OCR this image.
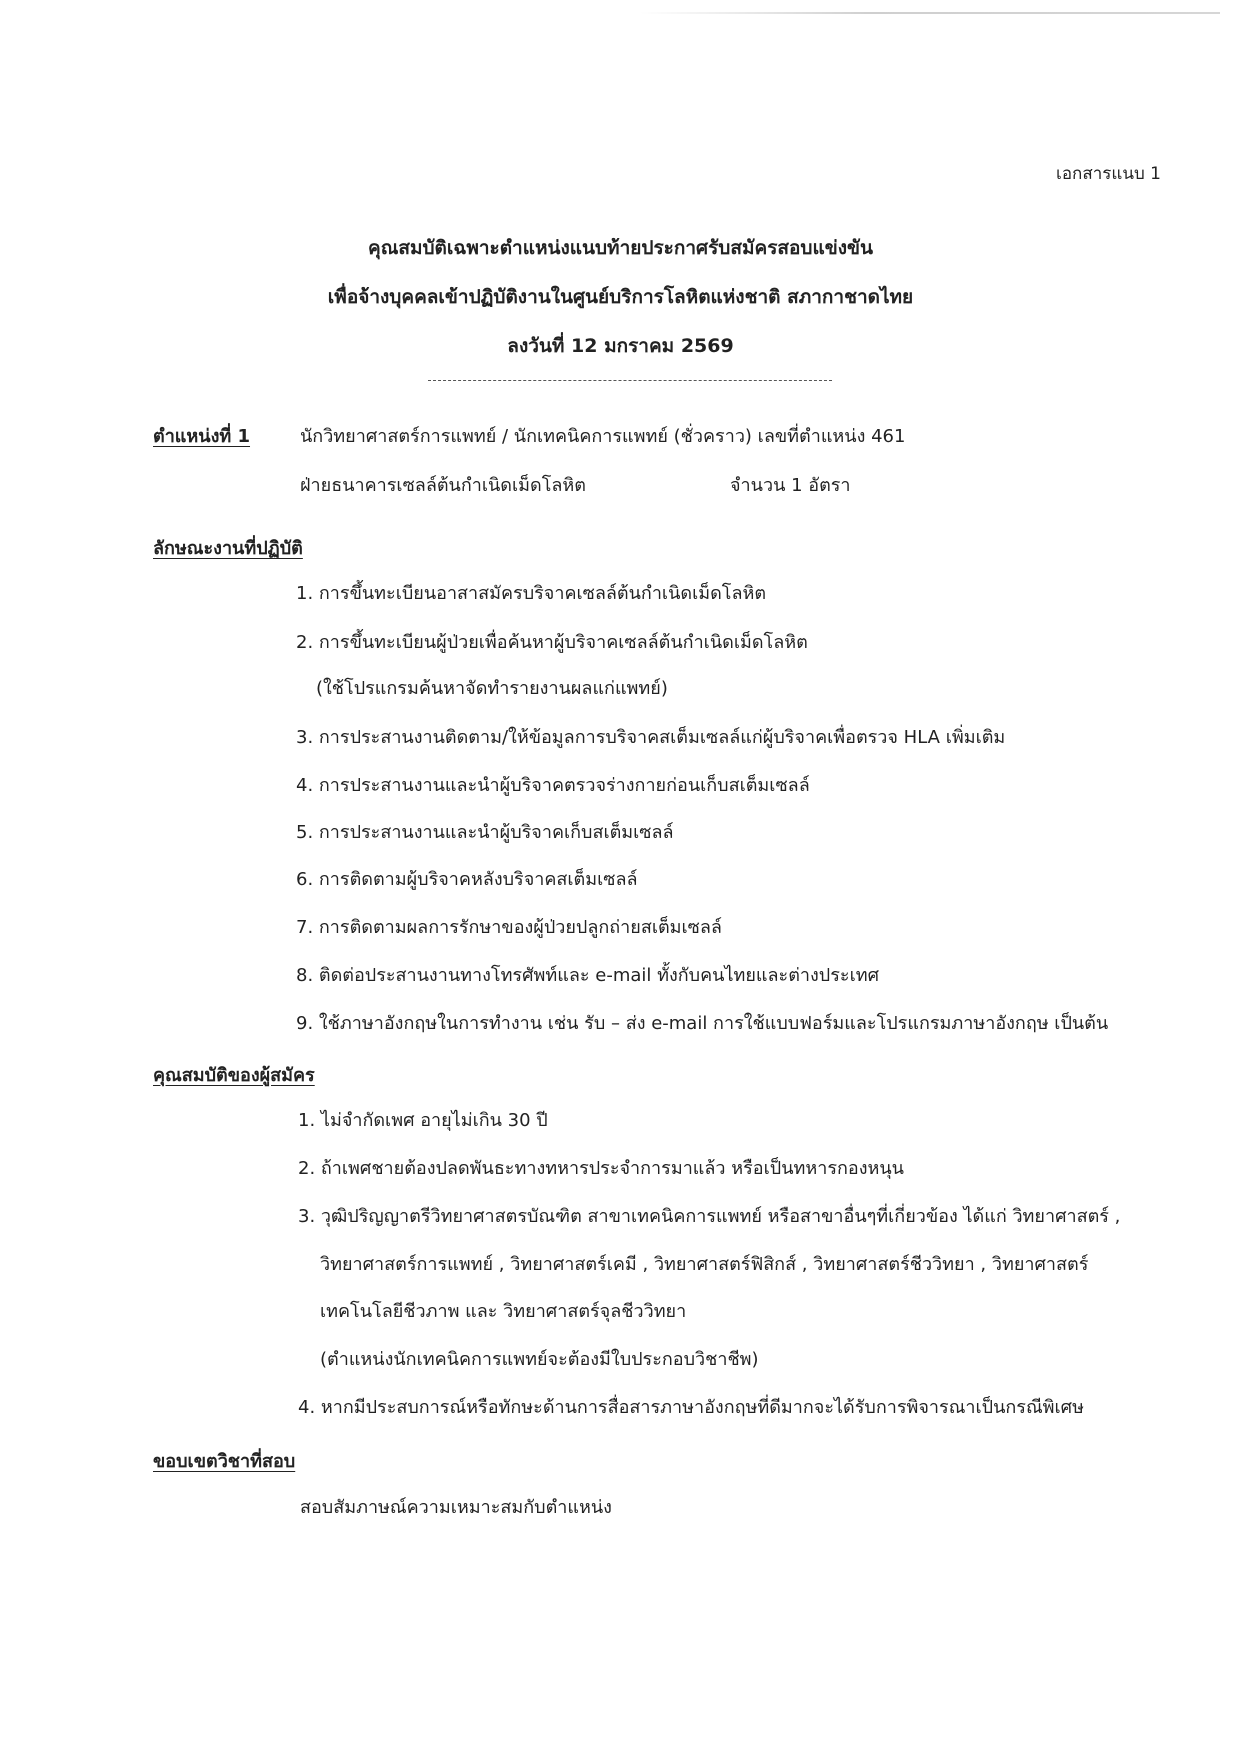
เอกสารแนบ 1
คุณสมบัติเฉพาะตำแหน่งแนบท้ายประกาศรับสมัครสอบแข่งขัน
เพื่อจ้างบุคคลเข้าปฏิบัติงานในศูนย์บริการโลหิตแห่งชาติ สภากาชาดไทย
ลงวันที่ 12 มกราคม 2569
ตำแหน่งที่ 1	นักวิทยาศาสตร์การแพทย์ / นักเทคนิคการแพทย์ (ชั่วคราว) เลขที่ตำแหน่ง 461
ฝ่ายธนาคารเซลล์ต้นกำเนิดเม็ดโลหิต	จำนวน 1 อัตรา
ลักษณะงานที่ปฏิบัติ
1. การขึ้นทะเบียนอาสาสมัครบริจาคเซลล์ต้นกำเนิดเม็ดโลหิต
2. การขึ้นทะเบียนผู้ป่วยเพื่อค้นหาผู้บริจาคเซลล์ต้นกำเนิดเม็ดโลหิต
(ใช้โปรแกรมค้นหาจัดทำรายงานผลแก่แพทย์)
3. การประสานงานติดตาม/ให้ข้อมูลการบริจาคสเต็มเซลล์แก่ผู้บริจาคเพื่อตรวจ HLA เพิ่มเติม
4. การประสานงานและนำผู้บริจาคตรวจร่างกายก่อนเก็บสเต็มเซลล์
5. การประสานงานและนำผู้บริจาคเก็บสเต็มเซลล์
6. การติดตามผู้บริจาคหลังบริจาคสเต็มเซลล์
7. การติดตามผลการรักษาของผู้ป่วยปลูกถ่ายสเต็มเซลล์
8. ติดต่อประสานงานทางโทรศัพท์และ e-mail ทั้งกับคนไทยและต่างประเทศ
9. ใช้ภาษาอังกฤษในการทำงาน เช่น รับ – ส่ง e-mail การใช้แบบฟอร์มและโปรแกรมภาษาอังกฤษ เป็นต้น
คุณสมบัติของผู้สมัคร
1. ไม่จำกัดเพศ อายุไม่เกิน 30 ปี
2. ถ้าเพศชายต้องปลดพันธะทางทหารประจำการมาแล้ว หรือเป็นทหารกองหนุน
3. วุฒิปริญญาตรีวิทยาศาสตรบัณฑิต สาขาเทคนิคการแพทย์ หรือสาขาอื่นๆที่เกี่ยวข้อง ได้แก่ วิทยาศาสตร์ ,
วิทยาศาสตร์การแพทย์ , วิทยาศาสตร์เคมี , วิทยาศาสตร์ฟิสิกส์ , วิทยาศาสตร์ชีววิทยา , วิทยาศาสตร์
เทคโนโลยีชีวภาพ และ วิทยาศาสตร์จุลชีววิทยา
(ตำแหน่งนักเทคนิคการแพทย์จะต้องมีใบประกอบวิชาชีพ)
4. หากมีประสบการณ์หรือทักษะด้านการสื่อสารภาษาอังกฤษที่ดีมากจะได้รับการพิจารณาเป็นกรณีพิเศษ
ขอบเขตวิชาที่สอบ
สอบสัมภาษณ์ความเหมาะสมกับตำแหน่ง
